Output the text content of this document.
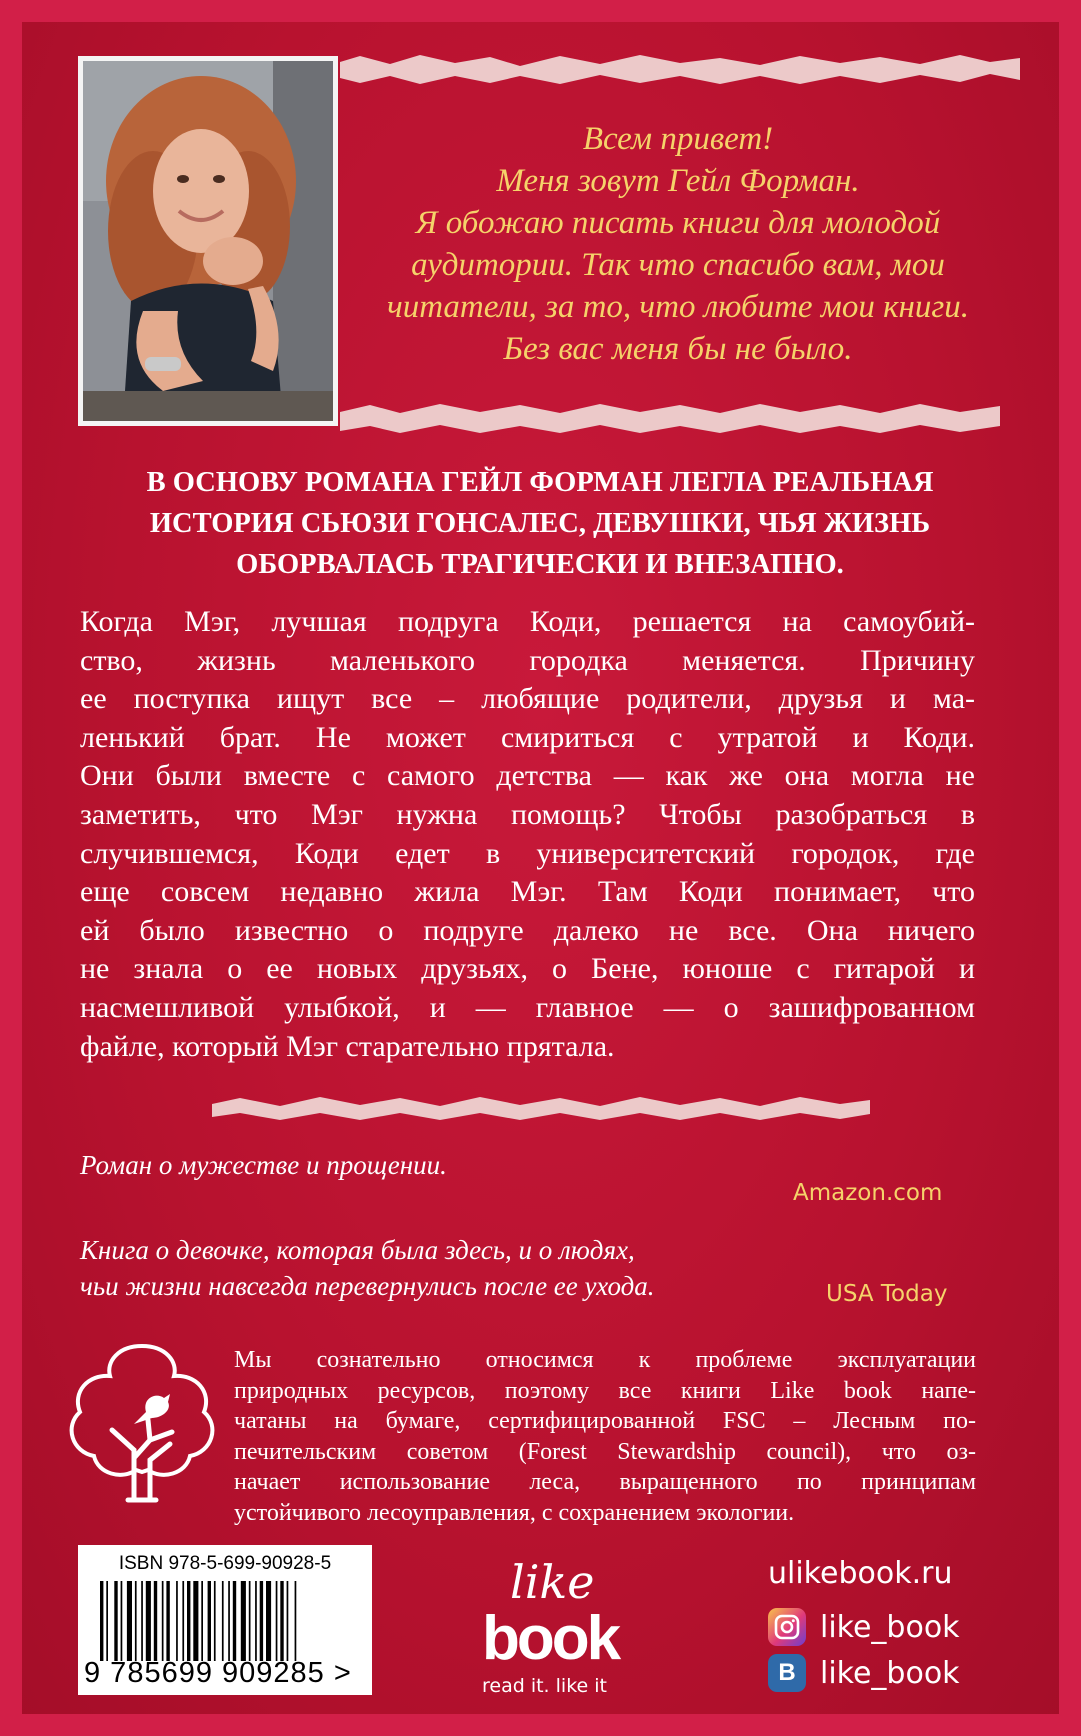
Всем привет!
Меня зовут Гейл Форман.
Я обожаю писать книги для молодой
аудитории. Так что спасибо вам, мои
читатели, за то, что любите мои книги.
Без вас меня бы не было.
В ОСНОВУ РОМАНА ГЕЙЛ ФОРМАН ЛЕГЛА РЕАЛЬНАЯ
ИСТОРИЯ СЬЮЗИ ГОНСАЛЕС, ДЕВУШКИ, ЧЬЯ ЖИЗНЬ
ОБОРВАЛАСЬ ТРАГИЧЕСКИ И ВНЕЗАПНО.
Когда Мэг, лучшая подруга Коди, решается на самоубий-
ство, жизнь маленького городка меняется. Причину
ее поступка ищут все – любящие родители, друзья и ма-
ленький брат. Не может смириться с утратой и Коди.
Они были вместе с самого детства — как же она могла не
заметить, что Мэг нужна помощь? Чтобы разобраться в
случившемся, Коди едет в университетский городок, где
еще совсем недавно жила Мэг. Там Коди понимает, что
ей было известно о подруге далеко не все. Она ничего
не знала о ее новых друзьях, о Бене, юноше с гитарой и
насмешливой улыбкой, и — главное — о зашифрованном
файле, который Мэг старательно прятала.
Роман о мужестве и прощении.
Amazon.com
Книга о девочке, которая была здесь, и о людях,
чьи жизни навсегда перевернулись после ее ухода.	USA Today
Мы сознательно относимся к проблеме эксплуатации
природных ресурсов, поэтому все книги Like book напе-
чатаны на бумаге, сертифицированной FSC – Лесным по-
печительским советом (Forest Stewardship council), что оз-
начает использование леса, выращенного по принципам
устойчивого лесоуправления, с сохранением экологии.
ISBN 978-5-699-90928-5
9 785699 909285 >
like
book
read it. like it
ulikebook.ru
like_book
B like_book
